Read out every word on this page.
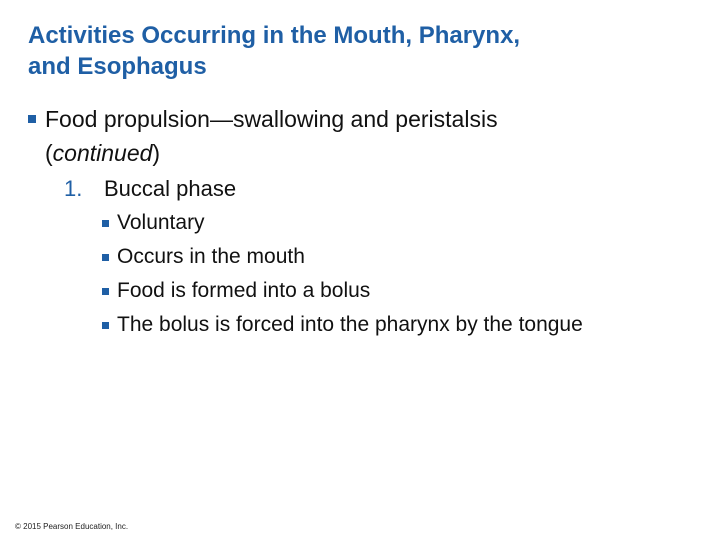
Activities Occurring in the Mouth, Pharynx,
and Esophagus
Food propulsion—swallowing and peristalsis
(continued)
1. Buccal phase
Voluntary
Occurs in the mouth
Food is formed into a bolus
The bolus is forced into the pharynx by the tongue
© 2015 Pearson Education, Inc.
